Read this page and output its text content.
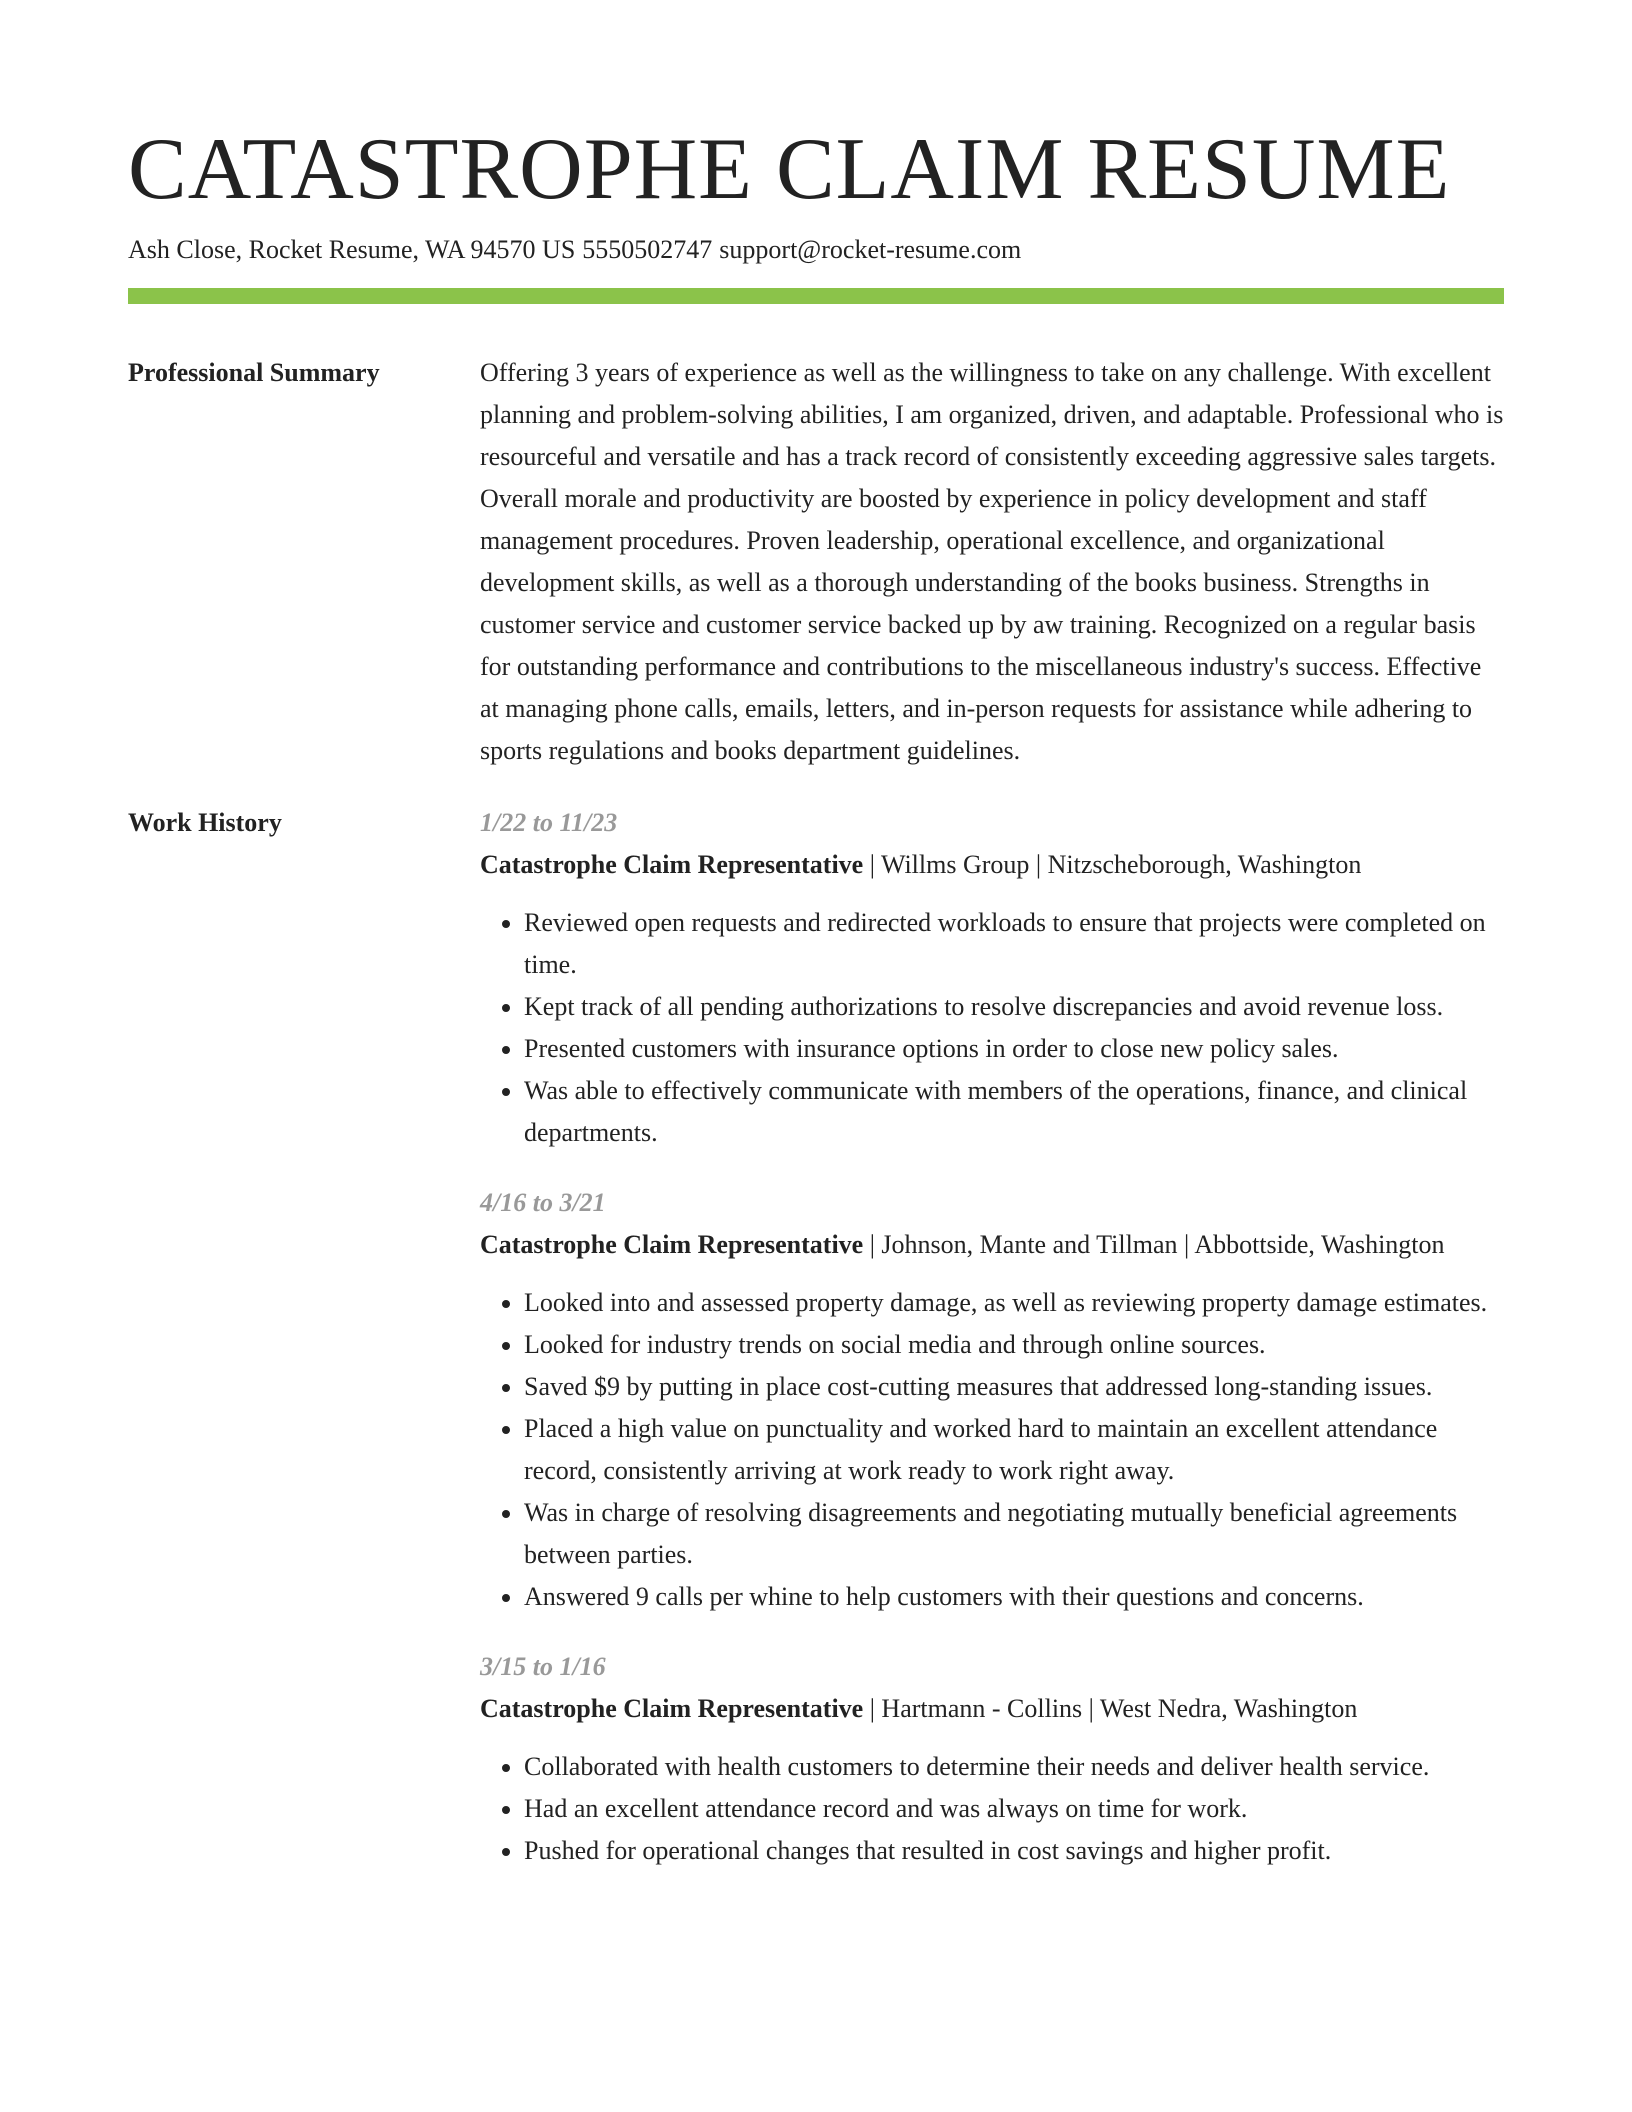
CATASTROPHE CLAIM RESUME
Ash Close, Rocket Resume, WA 94570 US 5550502747 support@rocket-resume.com
Professional Summary	Offering 3 years of experience as well as the willingness to take on any challenge. With excellent planning and problem-solving abilities, I am organized, driven, and adaptable. Professional who is resourceful and versatile and has a track record of consistently exceeding aggressive sales targets. Overall morale and productivity are boosted by experience in policy development and staff management procedures. Proven leadership, operational excellence, and organizational development skills, as well as a thorough understanding of the books business. Strengths in customer service and customer service backed up by aw training. Recognized on a regular basis for outstanding performance and contributions to the miscellaneous industry's success. Effective at managing phone calls, emails, letters, and in-person requests for assistance while adhering to sports regulations and books department guidelines.

Work History	1/22 to 11/23
Catastrophe Claim Representative | Willms Group | Nitzscheborough, Washington
• Reviewed open requests and redirected workloads to ensure that projects were completed on time.
• Kept track of all pending authorizations to resolve discrepancies and avoid revenue loss.
• Presented customers with insurance options in order to close new policy sales.
• Was able to effectively communicate with members of the operations, finance, and clinical departments.
4/16 to 3/21
Catastrophe Claim Representative | Johnson, Mante and Tillman | Abbottside, Washington
• Looked into and assessed property damage, as well as reviewing property damage estimates.
• Looked for industry trends on social media and through online sources.
• Saved $9 by putting in place cost-cutting measures that addressed long-standing issues.
• Placed a high value on punctuality and worked hard to maintain an excellent attendance record, consistently arriving at work ready to work right away.
• Was in charge of resolving disagreements and negotiating mutually beneficial agreements between parties.
• Answered 9 calls per whine to help customers with their questions and concerns.
3/15 to 1/16
Catastrophe Claim Representative | Hartmann - Collins | West Nedra, Washington
• Collaborated with health customers to determine their needs and deliver health service.
• Had an excellent attendance record and was always on time for work.
• Pushed for operational changes that resulted in cost savings and higher profit.
